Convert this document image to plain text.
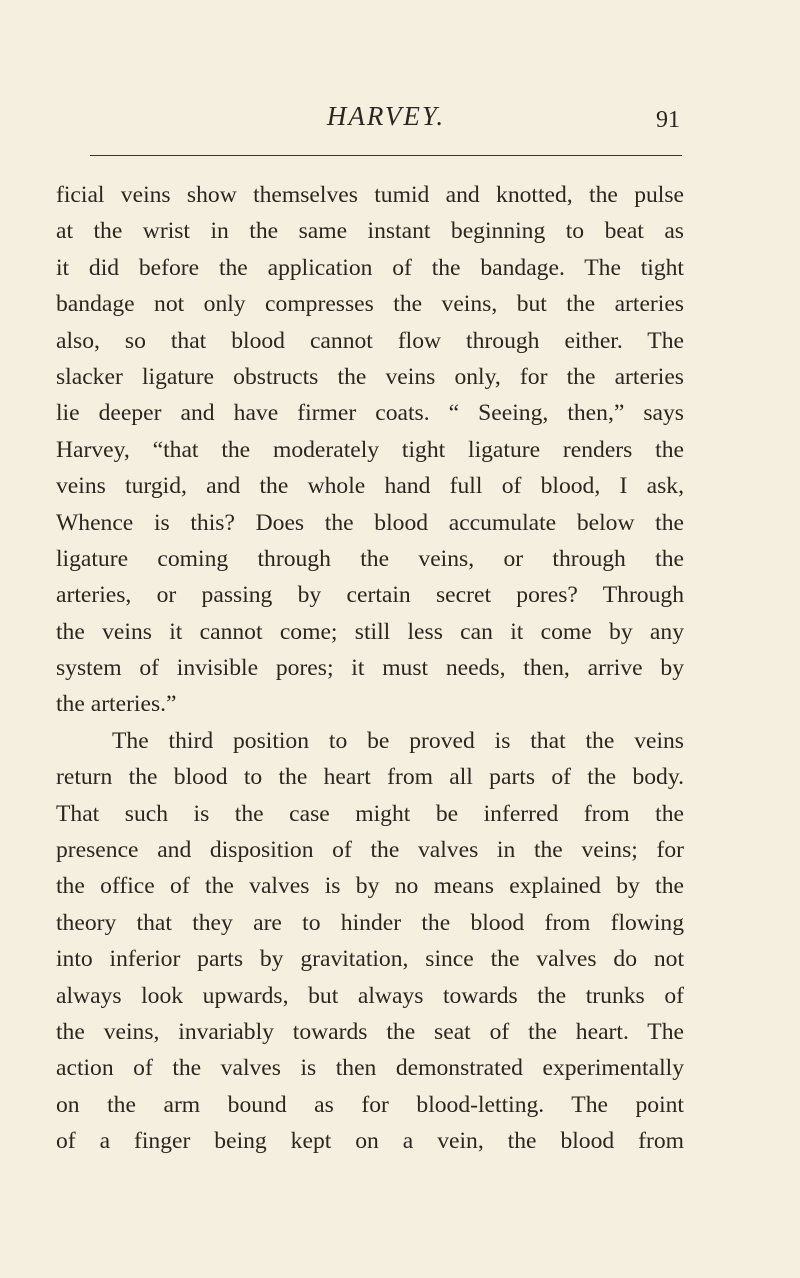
HARVEY.	91
ficial veins show themselves tumid and knotted, the pulse
at the wrist in the same instant beginning to beat as
it did before the application of the bandage. The tight
bandage not only compresses the veins, but the arteries
also, so that blood cannot flow through either. The
slacker ligature obstructs the veins only, for the arteries
lie deeper and have firmer coats. “ Seeing, then,” says
Harvey, “that the moderately tight ligature renders the
veins turgid, and the whole hand full of blood, I ask,
Whence is this? Does the blood accumulate below the
ligature coming through the veins, or through the
arteries, or passing by certain secret pores? Through
the veins it cannot come; still less can it come by any
system of invisible pores; it must needs, then, arrive by
the arteries.”
The third position to be proved is that the veins
return the blood to the heart from all parts of the body.
That such is the case might be inferred from the
presence and disposition of the valves in the veins; for
the office of the valves is by no means explained by the
theory that they are to hinder the blood from flowing
into inferior parts by gravitation, since the valves do not
always look upwards, but always towards the trunks of
the veins, invariably towards the seat of the heart. The
action of the valves is then demonstrated experimentally
on the arm bound as for blood-letting. The point
of a finger being kept on a vein, the blood from
